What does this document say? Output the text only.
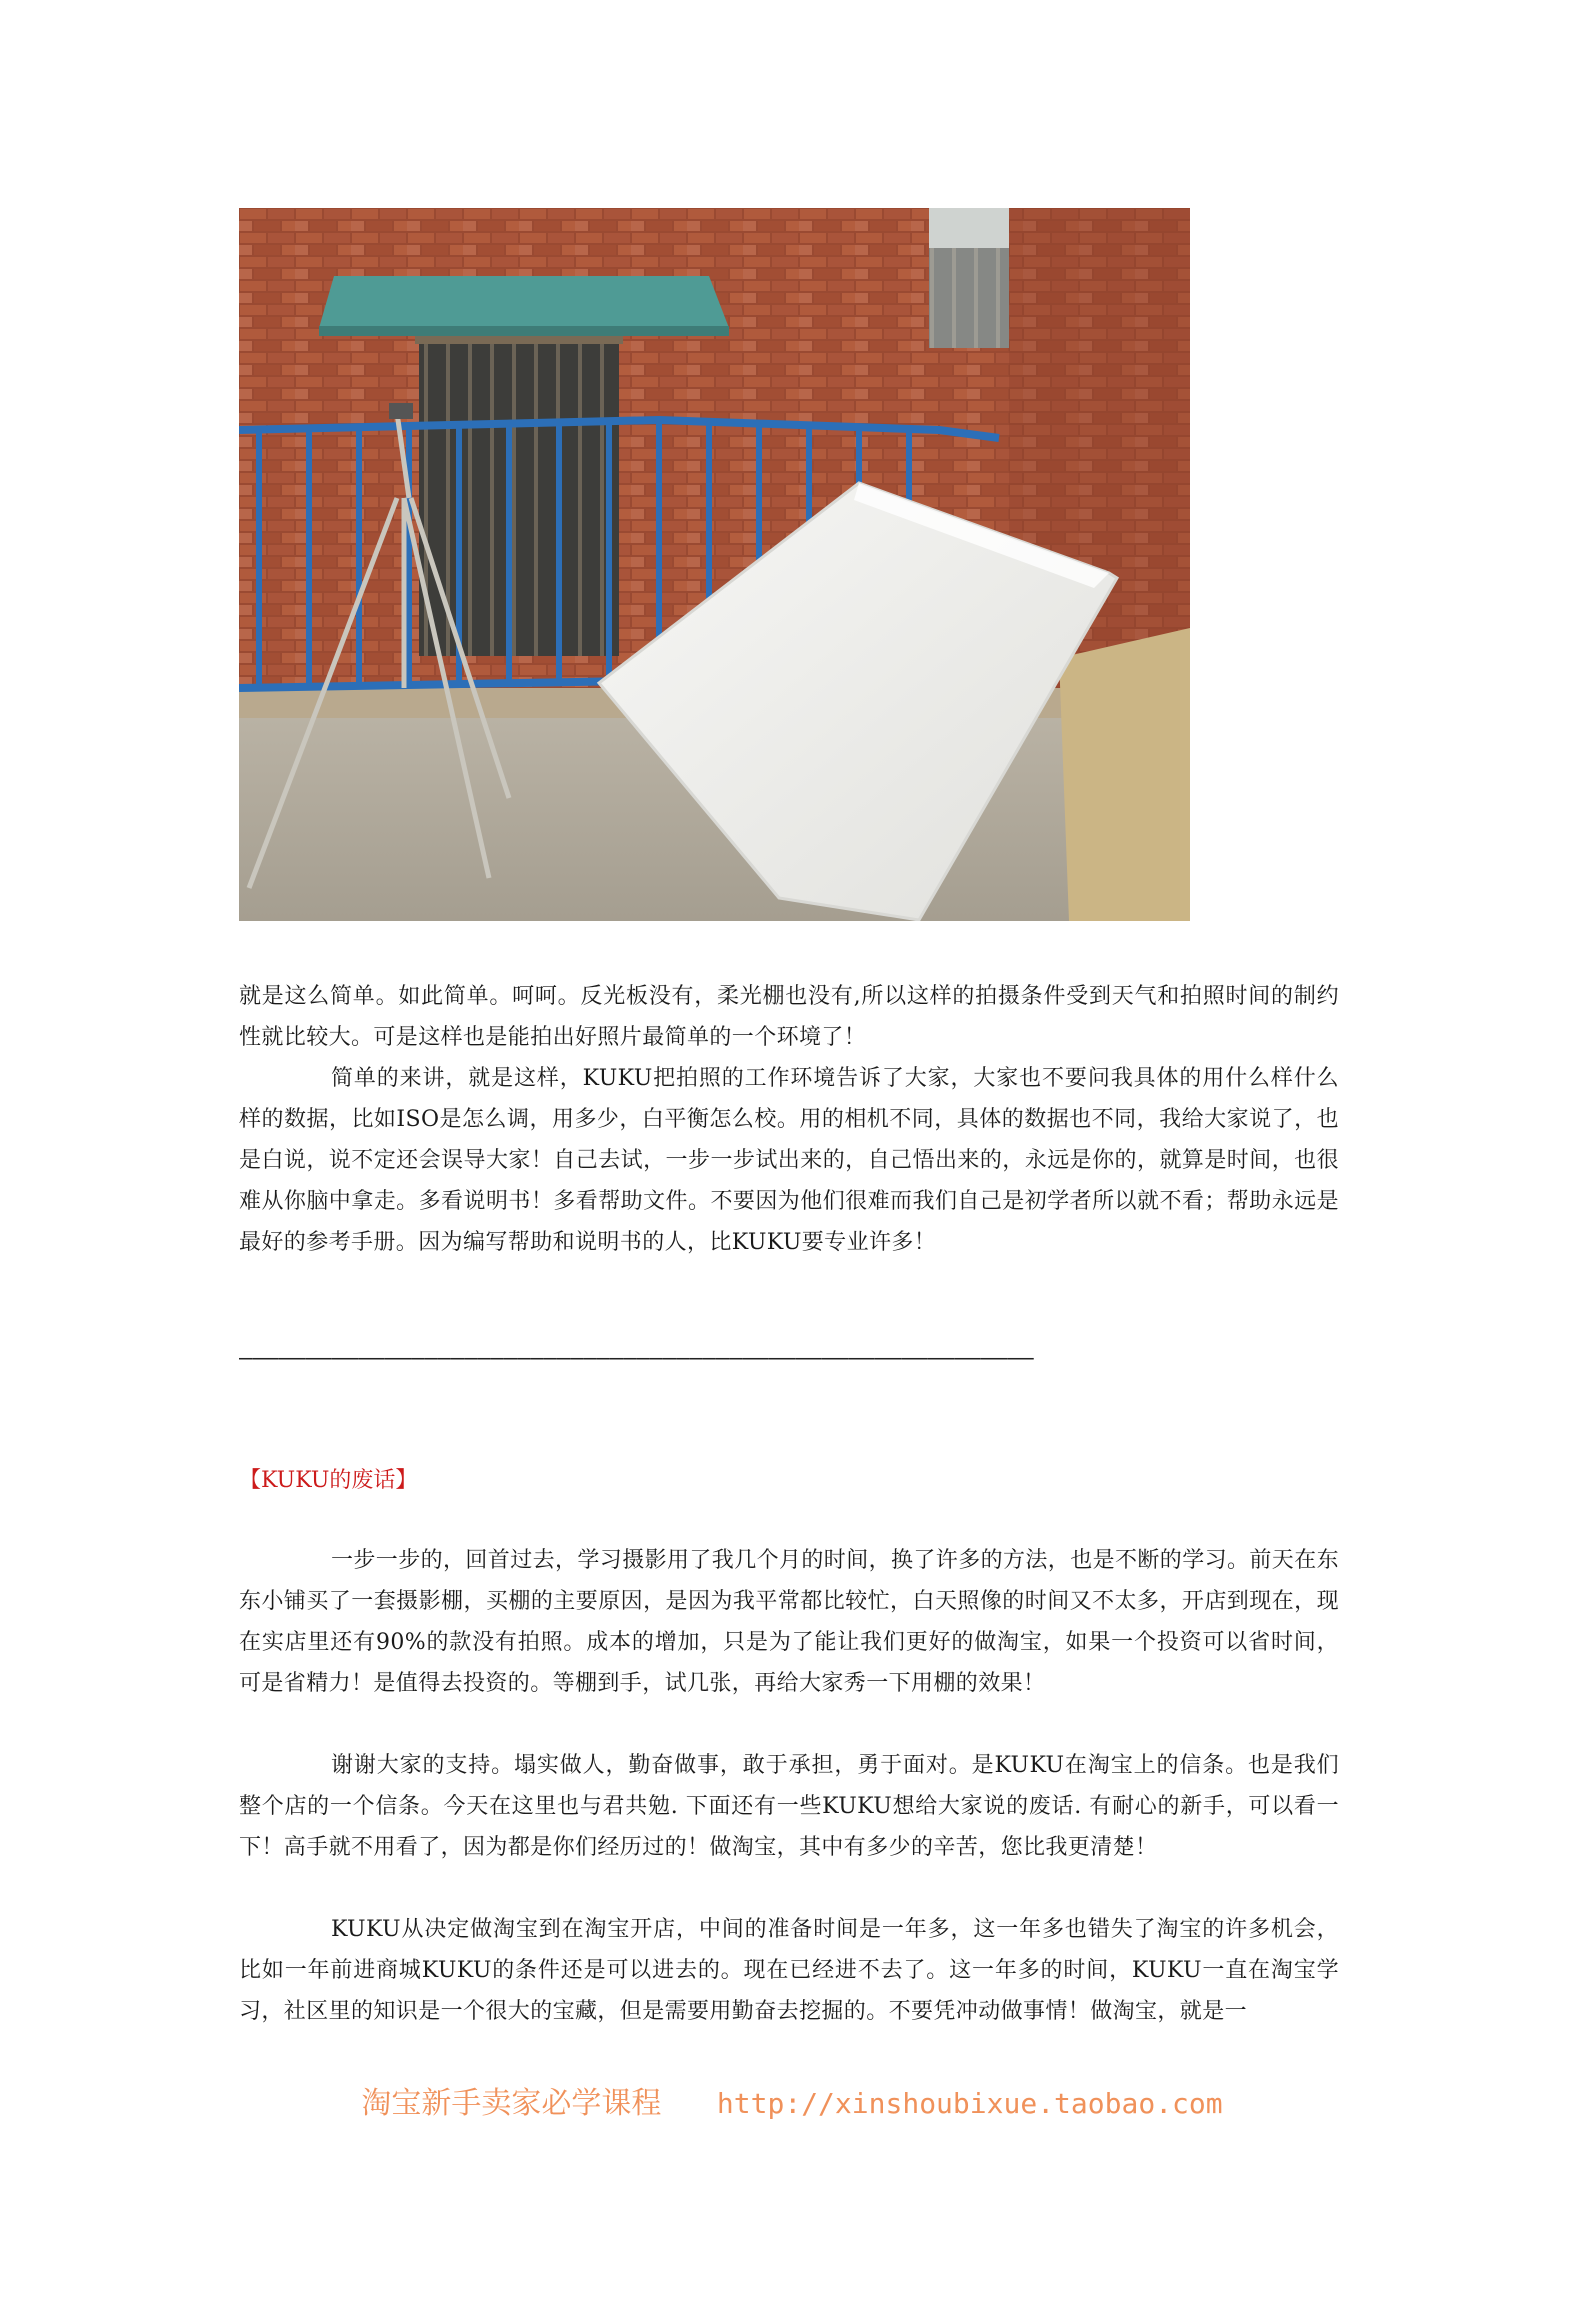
就是这么简单。如此简单。呵呵。反光板没有，柔光棚也没有,所以这样的拍摄条件受到天气和拍照时间的制约性就比较大。可是这样也是能拍出好照片最简单的一个环境了！

简单的来讲，就是这样，KUKU把拍照的工作环境告诉了大家，大家也不要问我具体的用什么样什么样的数据，比如ISO是怎么调，用多少，白平衡怎么校。用的相机不同，具体的数据也不同，我给大家说了，也是白说，说不定还会误导大家！自己去试，一步一步试出来的，自己悟出来的，永远是你的，就算是时间，也很难从你脑中拿走。多看说明书！多看帮助文件。不要因为他们很难而我们自己是初学者所以就不看；帮助永远是最好的参考手册。因为编写帮助和说明书的人，比KUKU要专业许多！

————————————————————————————————————————————————————————————

【KUKU的废话】

一步一步的，回首过去，学习摄影用了我几个月的时间，换了许多的方法，也是不断的学习。前天在东东小铺买了一套摄影棚，买棚的主要原因，是因为我平常都比较忙，白天照像的时间又不太多，开店到现在，现在实店里还有90%的款没有拍照。成本的增加，只是为了能让我们更好的做淘宝，如果一个投资可以省时间，可是省精力！是值得去投资的。等棚到手，试几张，再给大家秀一下用棚的效果！

谢谢大家的支持。塌实做人，勤奋做事，敢于承担，勇于面对。是KUKU在淘宝上的信条。也是我们整个店的一个信条。今天在这里也与君共勉. 下面还有一些KUKU想给大家说的废话. 有耐心的新手，可以看一下！高手就不用看了，因为都是你们经历过的！做淘宝，其中有多少的辛苦，您比我更清楚！

KUKU从决定做淘宝到在淘宝开店，中间的准备时间是一年多，这一年多也错失了淘宝的许多机会，比如一年前进商城KUKU的条件还是可以进去的。现在已经进不去了。这一年多的时间，KUKU一直在淘宝学习，社区里的知识是一个很大的宝藏，但是需要用勤奋去挖掘的。不要凭冲动做事情！做淘宝，就是一

淘宝新手卖家必学课程 http://xinshoubixue.taobao.com
